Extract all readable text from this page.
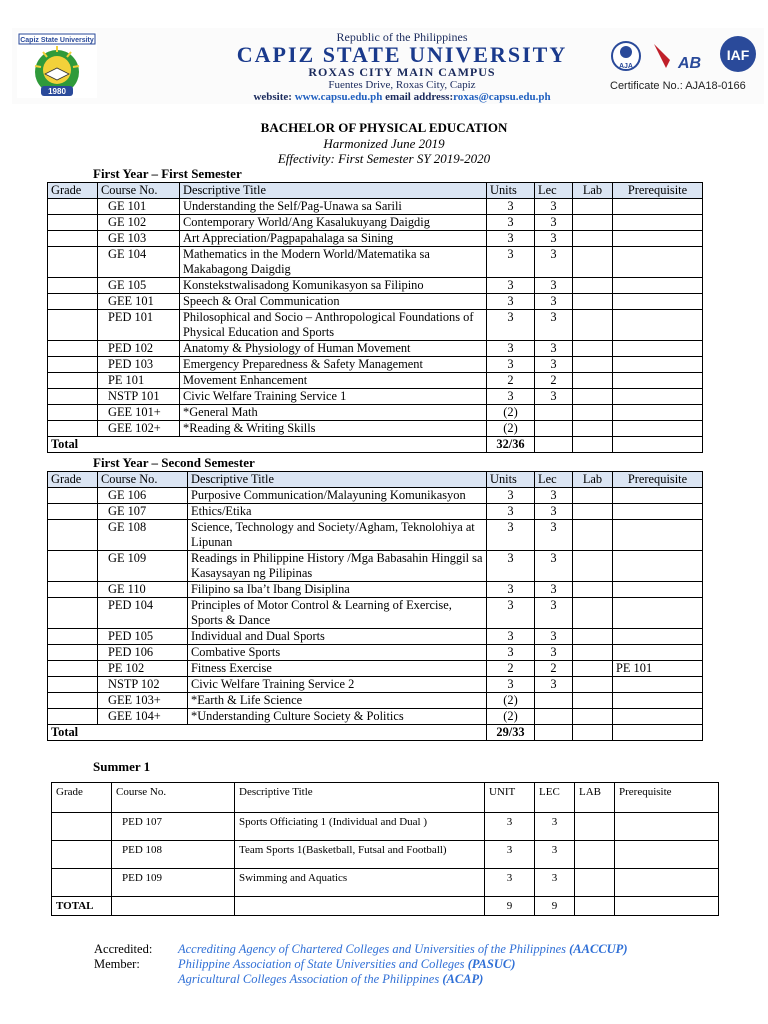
Capiz State University
1980
Republic of the Philippines
CAPIZ STATE UNIVERSITY
ROXAS CITY MAIN CAMPUS
Fuentes Drive, Roxas City, Capiz
website: www.capsu.edu.ph email address:roxas@capsu.edu.ph
AJA	AB IAF
Certificate No.: AJA18-0166
BACHELOR OF PHYSICAL EDUCATION
Harmonized June 2019
Effectivity: First Semester SY 2019-2020
First Year – First Semester
Grade	Course No.	Descriptive Title	Units	Lec	Lab	Prerequisite
	GE 101	Understanding the Self/Pag-Unawa sa Sarili	3	3		
	GE 102	Contemporary World/Ang Kasalukuyang Daigdig	3	3		
	GE 103	Art Appreciation/Pagpapahalaga sa Sining	3	3		
	GE 104	Mathematics in the Modern World/Matematika sa Makabagong Daigdig	3	3		
	GE 105	Konstekstwalisadong Komunikasyon sa Filipino	3	3		
	GEE 101	Speech & Oral Communication	3	3		
	PED 101	Philosophical and Socio – Anthropological Foundations of Physical Education and Sports	3	3		
	PED 102	Anatomy & Physiology of Human Movement	3	3		
	PED 103	Emergency Preparedness & Safety Management	3	3		
	PE 101	Movement Enhancement	2	2		
	NSTP 101	Civic Welfare Training Service 1	3	3		
	GEE 101+	*General Math	(2)			
	GEE 102+	*Reading & Writing Skills	(2)			
Total			32/36			
First Year – Second Semester
Grade	Course No.	Descriptive Title	Units	Lec	Lab	Prerequisite
	GE 106	Purposive Communication/Malayuning Komunikasyon	3	3		
	GE 107	Ethics/Etika	3	3		
	GE 108	Science, Technology and Society/Agham, Teknolohiya at Lipunan	3	3		
	GE 109	Readings in Philippine History /Mga Babasahin Hinggil sa Kasaysayan ng Pilipinas	3	3		
	GE 110	Filipino sa Iba’t Ibang Disiplina	3	3		
	PED 104	Principles of Motor Control & Learning of Exercise, Sports & Dance	3	3		
	PED 105	Individual and Dual Sports	3	3		
	PED 106	Combative Sports	3	3		
	PE 102	Fitness Exercise	2	2		PE 101
	NSTP 102	Civic Welfare Training Service 2	3	3		
	GEE 103+	*Earth & Life Science	(2)			
	GEE 104+	*Understanding Culture Society & Politics	(2)			
Total			29/33			
Summer 1
Grade	Course No.	Descriptive Title	UNIT	LEC	LAB	Prerequisite
	PED 107	Sports Officiating 1 (Individual and Dual )	3	3		
	PED 108	Team Sports 1(Basketball, Futsal and Football)	3	3		
	PED 109	Swimming and Aquatics	3	3		
TOTAL			9	9		
Accredited: Accrediting Agency of Chartered Colleges and Universities of the Philippines (AACCUP)
Member:	Philippine Association of State Universities and Colleges (PASUC)
Agricultural Colleges Association of the Philippines (ACAP)
